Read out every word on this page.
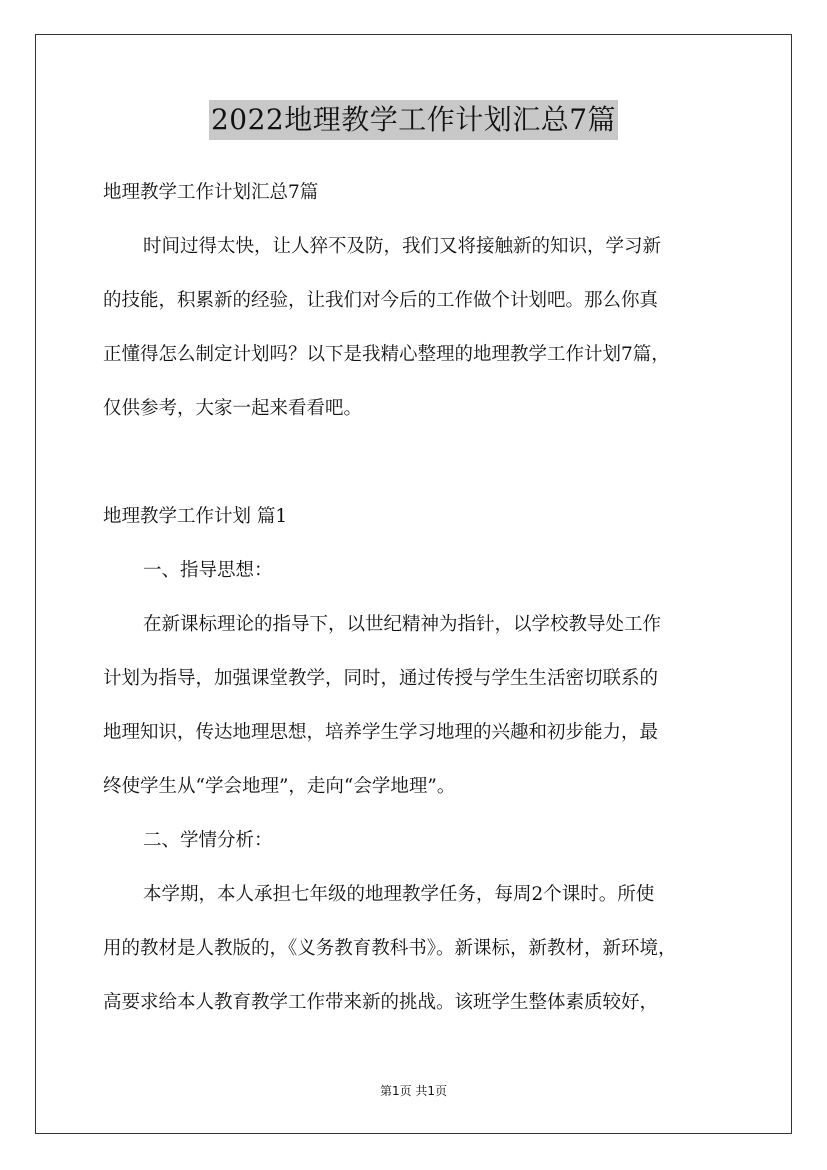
2022地理教学工作计划汇总7篇
地理教学工作计划汇总7篇
时间过得太快，让人猝不及防，我们又将接触新的知识，学习新
的技能，积累新的经验，让我们对今后的工作做个计划吧。那么你真
正懂得怎么制定计划吗？以下是我精心整理的地理教学工作计划7篇，
仅供参考，大家一起来看看吧。
地理教学工作计划 篇1
一、指导思想：
在新课标理论的指导下，以世纪精神为指针，以学校教导处工作
计划为指导，加强课堂教学，同时，通过传授与学生生活密切联系的
地理知识，传达地理思想，培养学生学习地理的兴趣和初步能力，最
终使学生从“学会地理”，走向“会学地理”。
二、学情分析：
本学期，本人承担七年级的地理教学任务，每周2个课时。所使
用的教材是人教版的，《义务教育教科书》。新课标，新教材，新环境，
高要求给本人教育教学工作带来新的挑战。该班学生整体素质较好，
第1页 共1页
